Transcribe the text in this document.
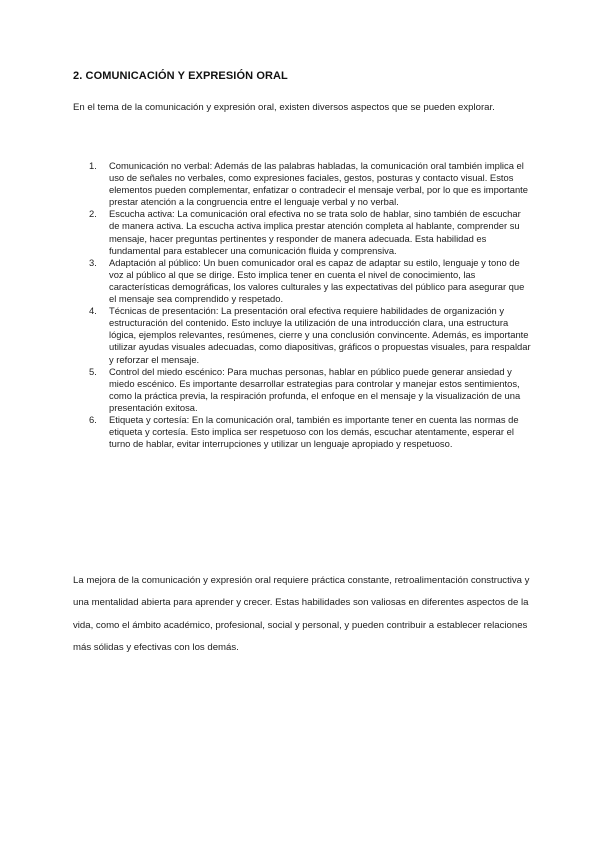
2. COMUNICACIÓN Y EXPRESIÓN ORAL

En el tema de la comunicación y expresión oral, existen diversos aspectos que se pueden explorar.

1. Comunicación no verbal: Además de las palabras habladas, la comunicación oral también implica el uso de señales no verbales, como expresiones faciales, gestos, posturas y contacto visual. Estos elementos pueden complementar, enfatizar o contradecir el mensaje verbal, por lo que es importante prestar atención a la congruencia entre el lenguaje verbal y no verbal.
2. Escucha activa: La comunicación oral efectiva no se trata solo de hablar, sino también de escuchar de manera activa. La escucha activa implica prestar atención completa al hablante, comprender su mensaje, hacer preguntas pertinentes y responder de manera adecuada. Esta habilidad es fundamental para establecer una comunicación fluida y comprensiva.
3. Adaptación al público: Un buen comunicador oral es capaz de adaptar su estilo, lenguaje y tono de voz al público al que se dirige. Esto implica tener en cuenta el nivel de conocimiento, las características demográficas, los valores culturales y las expectativas del público para asegurar que el mensaje sea comprendido y respetado.
4. Técnicas de presentación: La presentación oral efectiva requiere habilidades de organización y estructuración del contenido. Esto incluye la utilización de una introducción clara, una estructura lógica, ejemplos relevantes, resúmenes, cierre y una conclusión convincente. Además, es importante utilizar ayudas visuales adecuadas, como diapositivas, gráficos o propuestas visuales, para respaldar y reforzar el mensaje.
5. Control del miedo escénico: Para muchas personas, hablar en público puede generar ansiedad y miedo escénico. Es importante desarrollar estrategias para controlar y manejar estos sentimientos, como la práctica previa, la respiración profunda, el enfoque en el mensaje y la visualización de una presentación exitosa.
6. Etiqueta y cortesía: En la comunicación oral, también es importante tener en cuenta las normas de etiqueta y cortesía. Esto implica ser respetuoso con los demás, escuchar atentamente, esperar el turno de hablar, evitar interrupciones y utilizar un lenguaje apropiado y respetuoso.

La mejora de la comunicación y expresión oral requiere práctica constante, retroalimentación constructiva y una mentalidad abierta para aprender y crecer. Estas habilidades son valiosas en diferentes aspectos de la vida, como el ámbito académico, profesional, social y personal, y pueden contribuir a establecer relaciones más sólidas y efectivas con los demás.
